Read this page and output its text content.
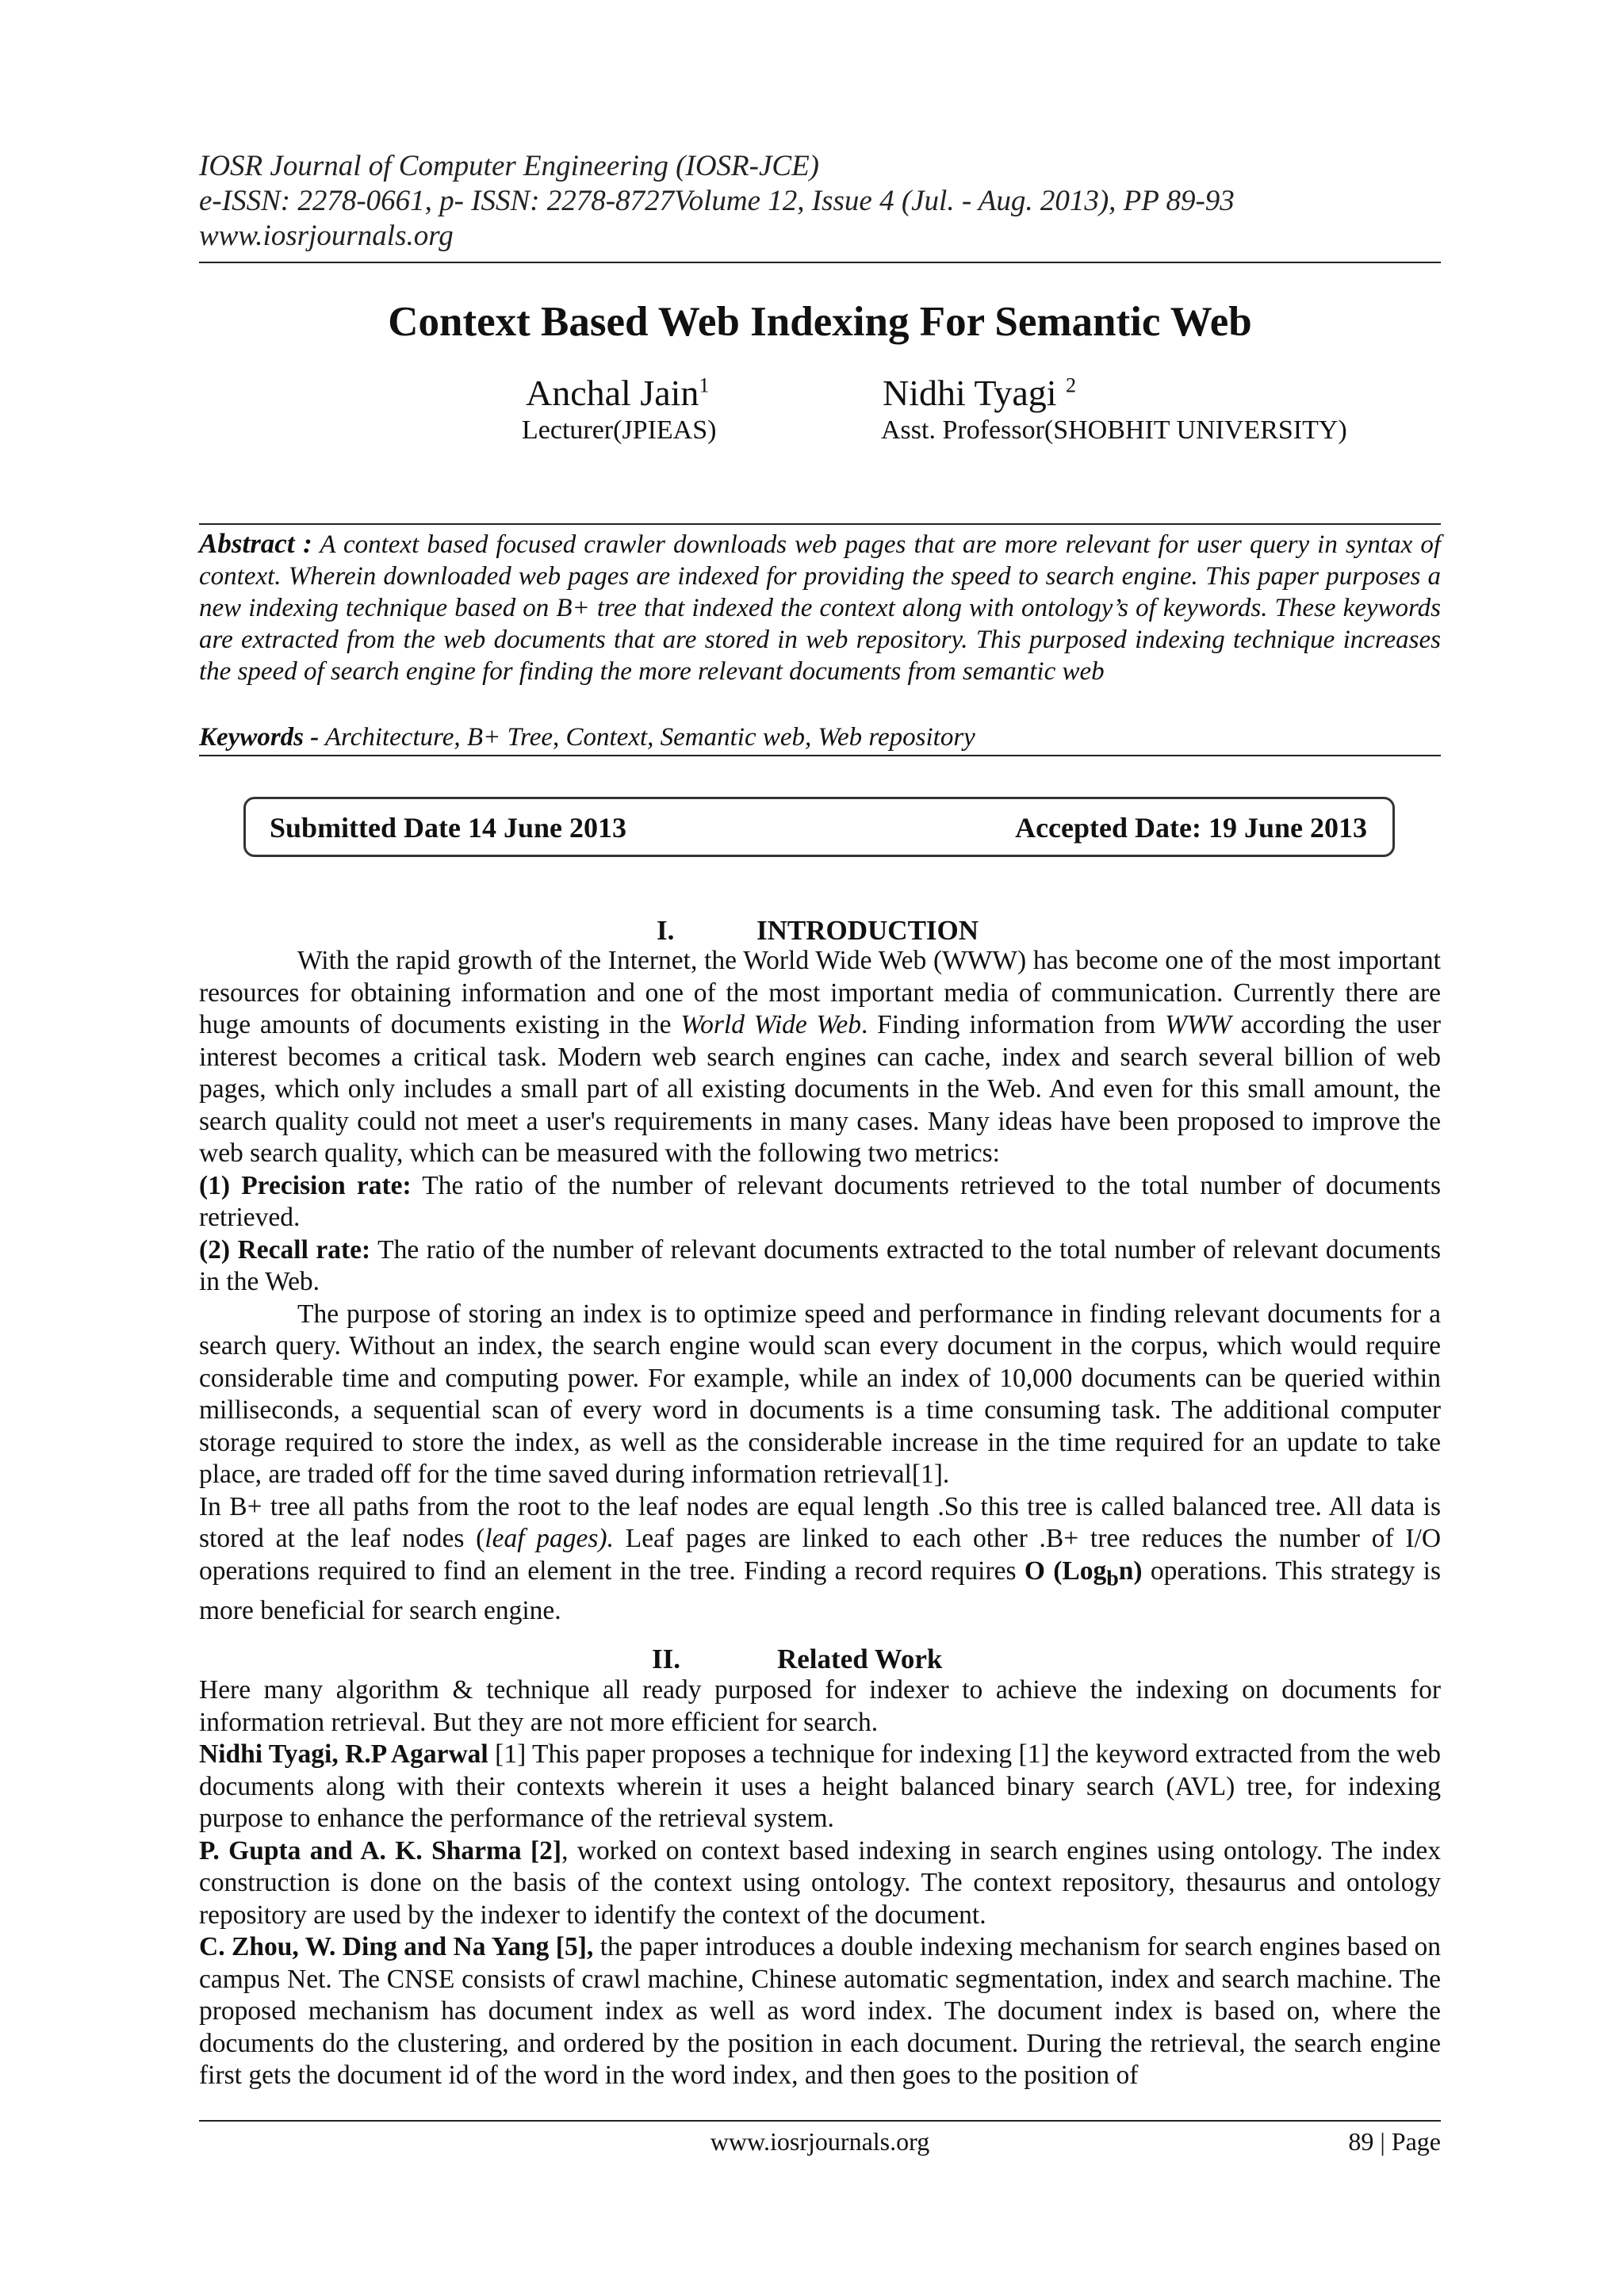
IOSR Journal of Computer Engineering (IOSR-JCE)
e-ISSN: 2278-0661, p- ISSN: 2278-8727Volume 12, Issue 4 (Jul. - Aug. 2013), PP 89-93
www.iosrjournals.org
Context Based Web Indexing For Semantic Web
Anchal Jain$^1$
Lecturer(JPIEAS)
Nidhi Tyagi $^2$
Asst. Professor(SHOBHIT UNIVERSITY)
Abstract : A context based focused crawler downloads web pages that are more relevant for user query in syntax of context. Wherein downloaded web pages are indexed for providing the speed to search engine. This paper purposes a new indexing technique based on B+ tree that indexed the context along with ontology’s of keywords. These keywords are extracted from the web documents that are stored in web repository. This purposed indexing technique increases the speed of search engine for finding the more relevant documents from semantic web
Keywords - Architecture, B+ Tree, Context, Semantic web, Web repository
Submitted Date 14 June 2013	Accepted Date: 19 June 2013
I.	INTRODUCTION

With the rapid growth of the Internet, the World Wide Web (WWW) has become one of the most important resources for obtaining information and one of the most important media of communication. Currently there are huge amounts of documents existing in the World Wide Web. Finding information from WWW according the user interest becomes a critical task. Modern web search engines can cache, index and search several billion of web pages, which only includes a small part of all existing documents in the Web. And even for this small amount, the search quality could not meet a user's requirements in many cases. Many ideas have been proposed to improve the web search quality, which can be measured with the following two metrics:

(1) Precision rate: The ratio of the number of relevant documents retrieved to the total number of documents retrieved.

(2) Recall rate: The ratio of the number of relevant documents extracted to the total number of relevant documents in the Web.

The purpose of storing an index is to optimize speed and performance in finding relevant documents for a search query. Without an index, the search engine would scan every document in the corpus, which would require considerable time and computing power. For example, while an index of 10,000 documents can be queried within milliseconds, a sequential scan of every word in documents is a time consuming task. The additional computer storage required to store the index, as well as the considerable increase in the time required for an update to take place, are traded off for the time saved during information retrieval[1].

In B+ tree all paths from the root to the leaf nodes are equal length .So this tree is called balanced tree. All data is stored at the leaf nodes (leaf pages). Leaf pages are linked to each other .B+ tree reduces the number of I/O operations required to find an element in the tree. Finding a record requires O (Log$_b$n) operations. This strategy is more beneficial for search engine.

II.	Related Work

Here many algorithm & technique all ready purposed for indexer to achieve the indexing on documents for information retrieval. But they are not more efficient for search.

Nidhi Tyagi, R.P Agarwal [1] This paper proposes a technique for indexing [1] the keyword extracted from the web documents along with their contexts wherein it uses a height balanced binary search (AVL) tree, for indexing purpose to enhance the performance of the retrieval system.

P. Gupta and A. K. Sharma [2], worked on context based indexing in search engines using ontology. The index construction is done on the basis of the context using ontology. The context repository, thesaurus and ontology repository are used by the indexer to identify the context of the document.

C. Zhou, W. Ding and Na Yang [5], the paper introduces a double indexing mechanism for search engines based on campus Net. The CNSE consists of crawl machine, Chinese automatic segmentation, index and search machine. The proposed mechanism has document index as well as word index. The document index is based on, where the documents do the clustering, and ordered by the position in each document. During the retrieval, the search engine first gets the document id of the word in the word index, and then goes to the position of

www.iosrjournals.org	89 | Page
